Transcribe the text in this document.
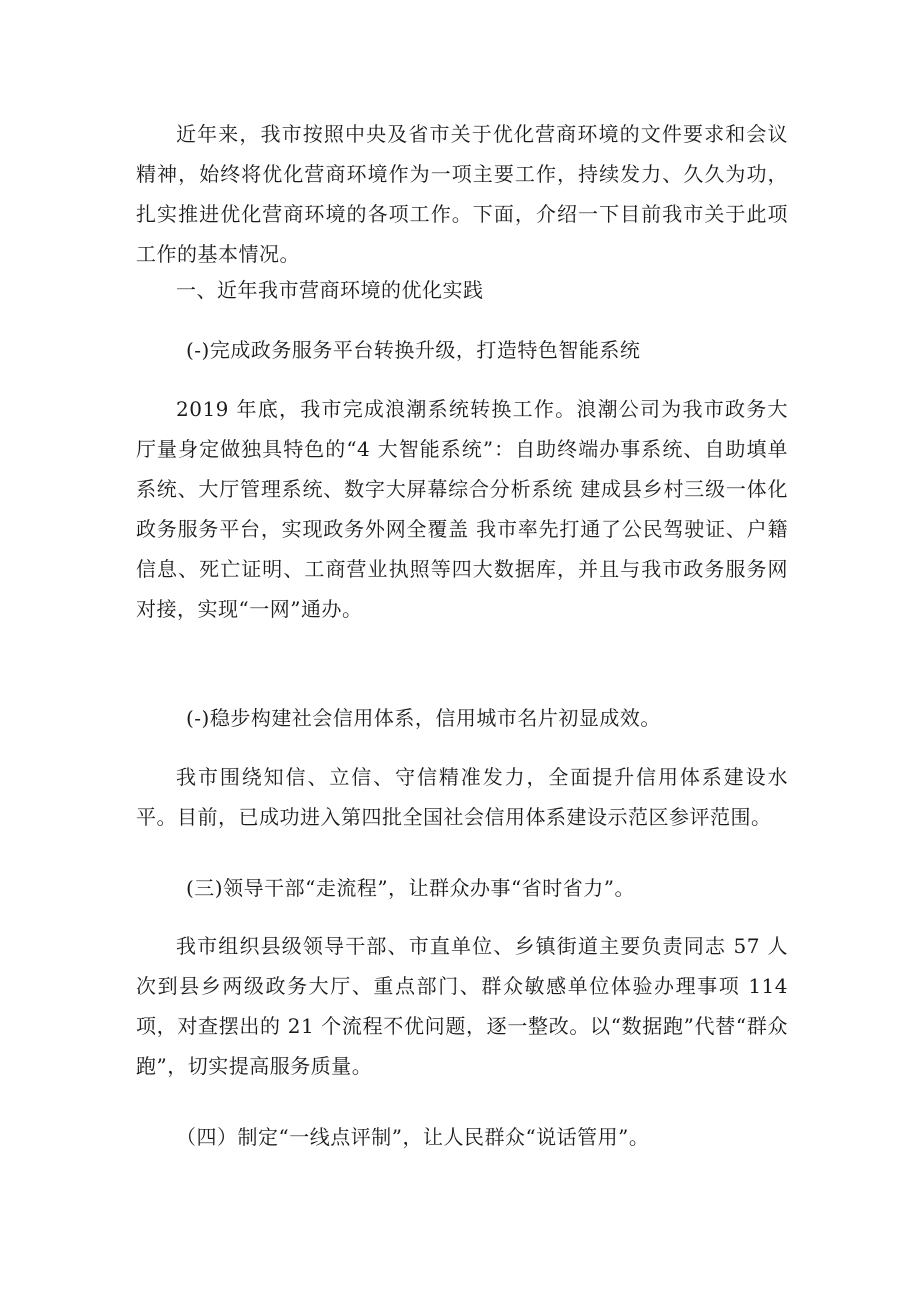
近年来，我市按照中央及省市关于优化营商环境的文件要求和会议精神，始终将优化营商环境作为一项主要工作，持续发力、久久为功，扎实推进优化营商环境的各项工作。下面，介绍一下目前我市关于此项工作的基本情况。

一、近年我市营商环境的优化实践

(-)完成政务服务平台转换升级，打造特色智能系统

2019 年底，我市完成浪潮系统转换工作。浪潮公司为我市政务大厅量身定做独具特色的“4 大智能系统”：自助终端办事系统、自助填单系统、大厅管理系统、数字大屏幕综合分析系统 建成县乡村三级一体化政务服务平台，实现政务外网全覆盖 我市率先打通了公民驾驶证、户籍信息、死亡证明、工商营业执照等四大数据库，并且与我市政务服务网对接，实现“一网”通办。

(-)稳步构建社会信用体系，信用城市名片初显成效。

我市围绕知信、立信、守信精准发力，全面提升信用体系建设水平。目前，已成功进入第四批全国社会信用体系建设示范区参评范围。

(三)领导干部“走流程”，让群众办事“省时省力”。

我市组织县级领导干部、市直单位、乡镇街道主要负责同志 57 人次到县乡两级政务大厅、重点部门、群众敏感单位体验办理事项 114 项，对查摆出的 21 个流程不优问题，逐一整改。以“数据跑”代替“群众跑”，切实提高服务质量。

（四）制定“一线点评制”，让人民群众“说话管用”。
